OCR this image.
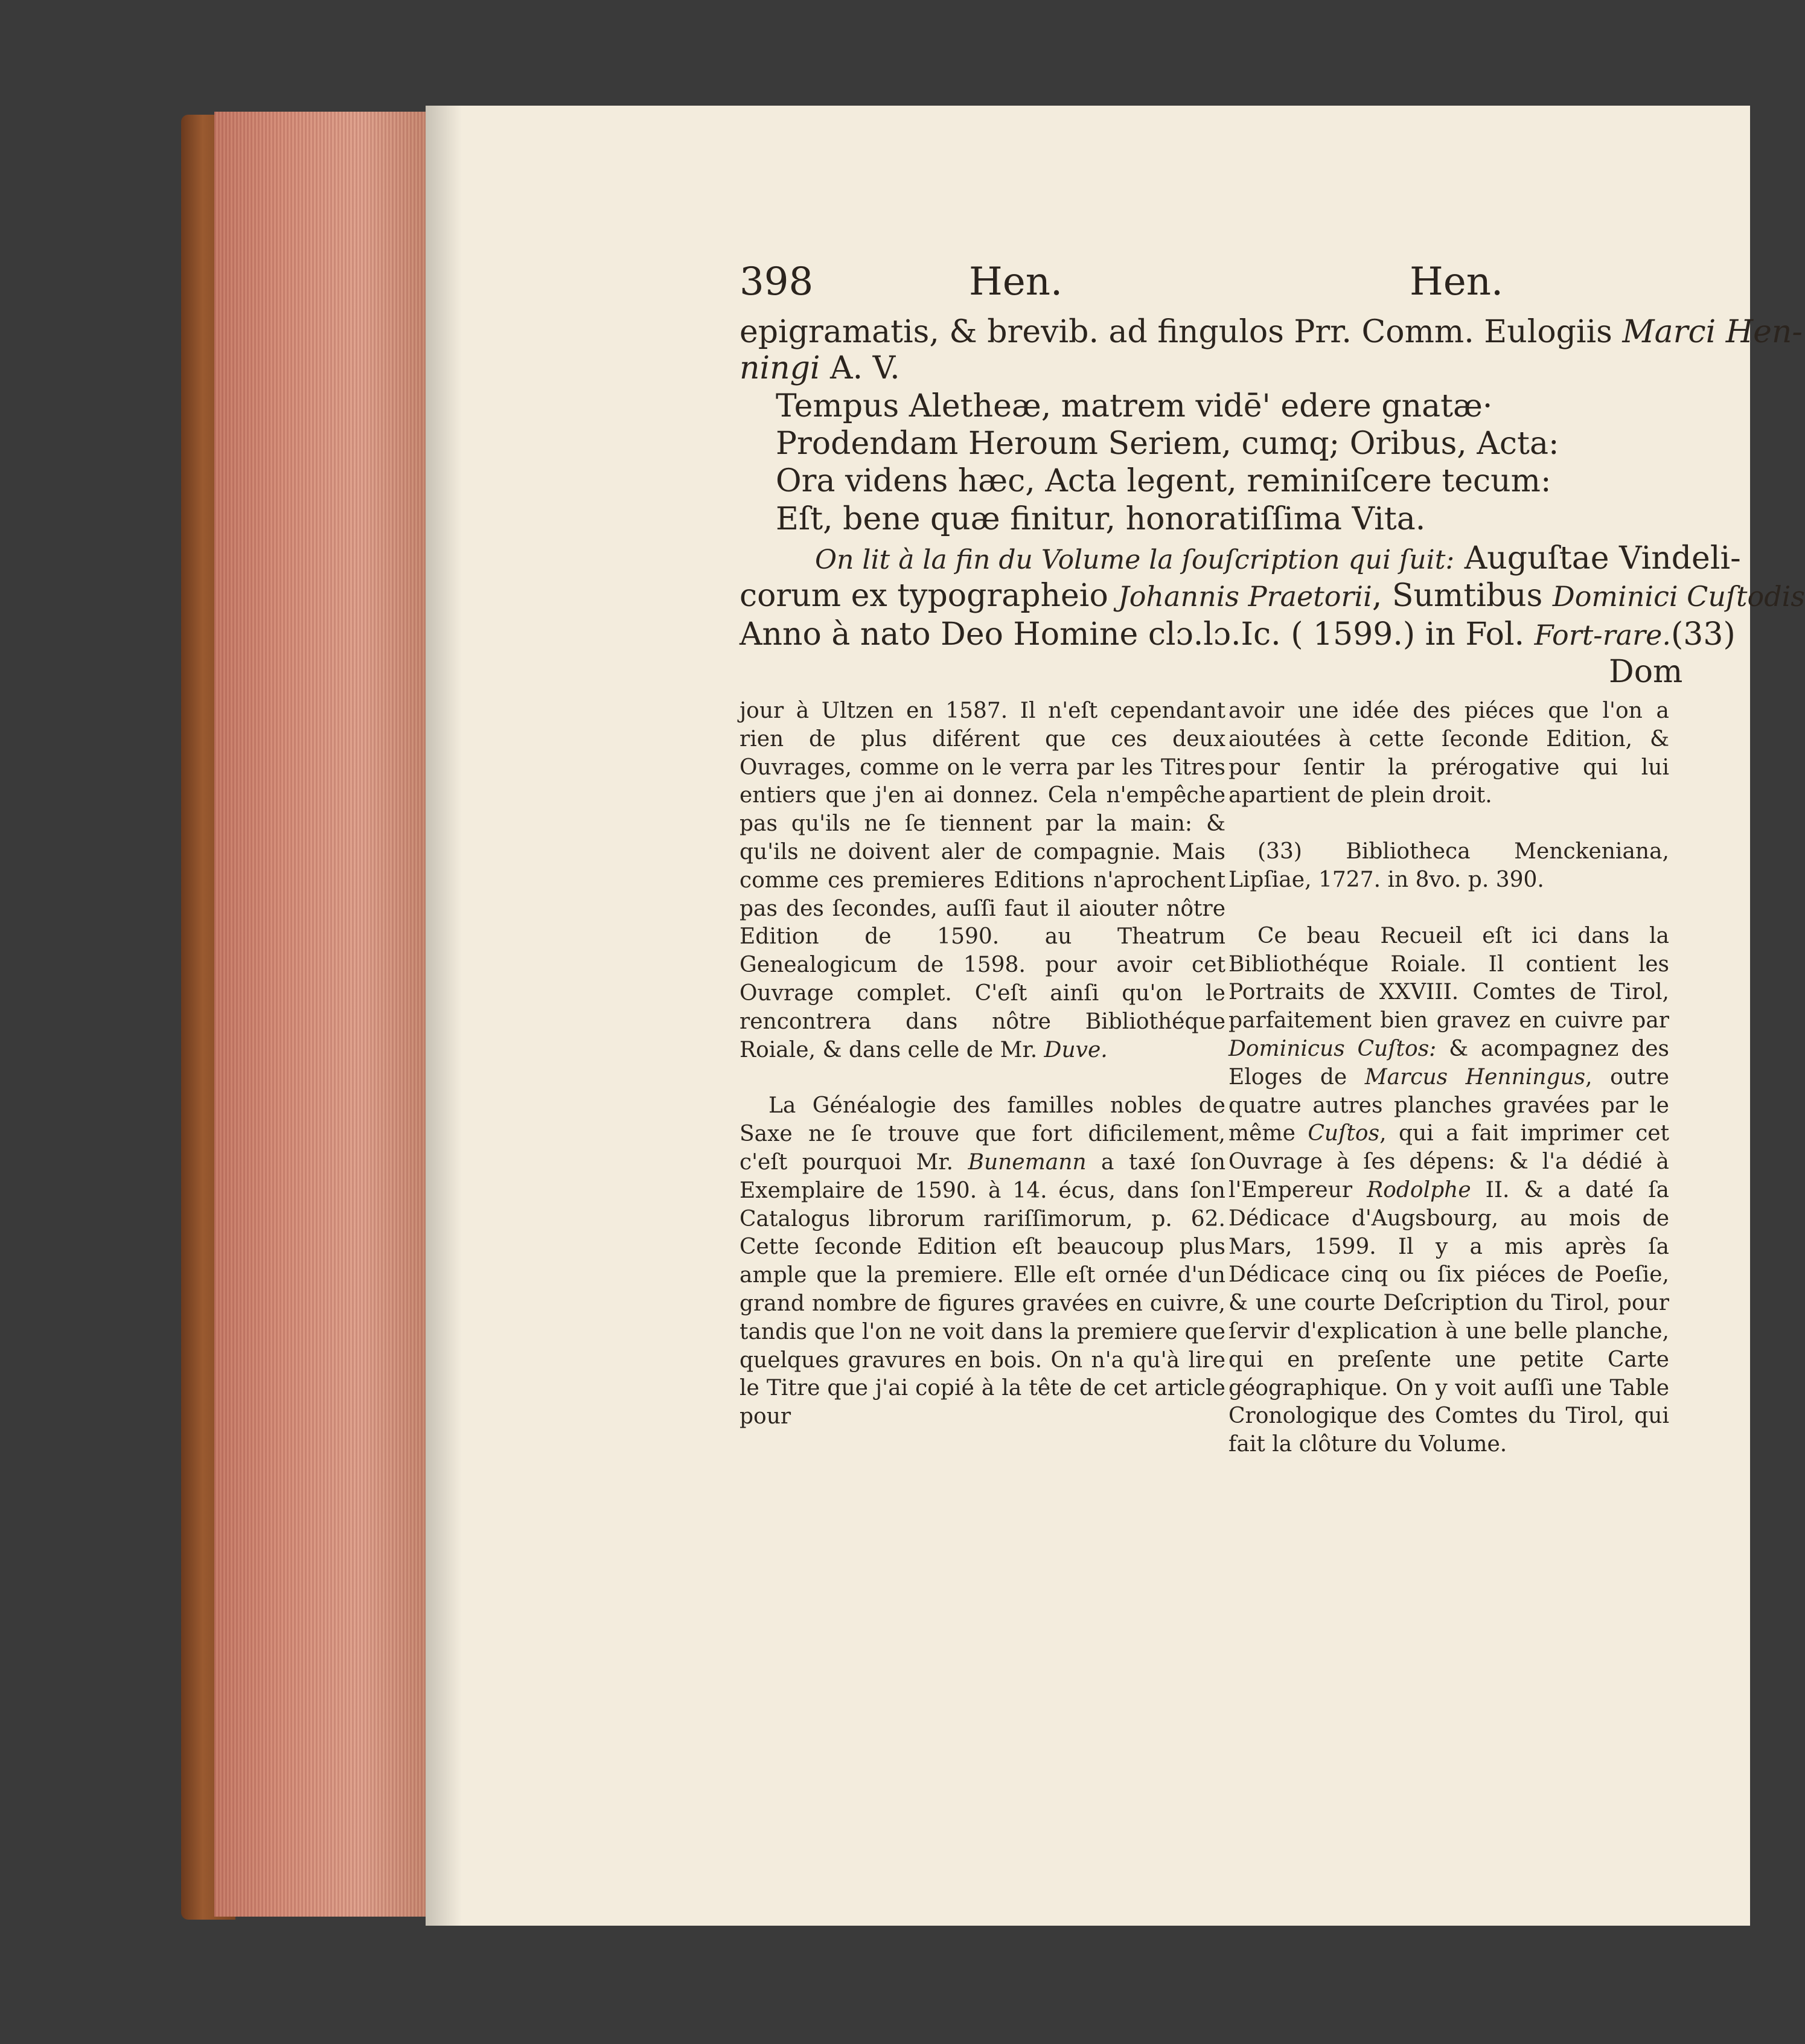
398	Hen.	Hen.
epigramatis, & brevib. ad fingulos Prr. Comm. Eulogiis Marci Hen-
ningi A. V.
Tempus Aletheæ, matrem vidē' edere gnatæ·
Prodendam Heroum Seriem, cumq; Oribus, Acta:
Ora videns hæc, Acta legent, reminiſcere tecum:
Eſt, bene quæ finitur, honoratiſſima Vita.
On lit à la fin du Volume la ſouſcription qui ſuit: Auguſtae Vindeli-
corum ex typographeio Johannis Praetorii, Sumtibus Dominici Cuſtodis
Anno à nato Deo Homine clɔ.lɔ.Ic. ( 1599.) in Fol. Fort-rare.(33)
Dom

jour à Ultzen en 1587. Il n'eſt cependant rien de plus diférent que ces deux Ouvrages, comme on le verra par les Titres entiers que j'en ai donnez. Cela n'empêche pas qu'ils ne ſe tiennent par la main: & qu'ils ne doivent aler de compagnie. Mais comme ces premieres Editions n'aprochent pas des ſecondes, auſſi faut il aiouter nôtre Edition de 1590. au Theatrum Genealogicum de 1598. pour avoir cet Ouvrage complet. C'eſt ainſi qu'on le rencontrera dans nôtre Bibliothéque Roiale, & dans celle de Mr. Duve.

La Généalogie des familles nobles de Saxe ne ſe trouve que fort dificilement, c'eſt pourquoi Mr. Bunemann a taxé ſon Exemplaire de 1590. à 14. écus, dans ſon Catalogus librorum rariſſimorum, p. 62. Cette ſeconde Edition eſt beaucoup plus ample que la premiere. Elle eſt ornée d'un grand nombre de figures gravées en cuivre, tandis que l'on ne voit dans la premiere que quelques gravures en bois. On n'a qu'à lire le Titre que j'ai copié à la tête de cet article pour

avoir une idée des piéces que l'on a aioutées à cette ſeconde Edition, & pour ſentir la prérogative qui lui apartient de plein droit.

(33) Bibliotheca Menckeniana, Lipſiae, 1727. in 8vo. p. 390.

Ce beau Recueil eſt ici dans la Bibliothéque Roiale. Il contient les Portraits de XXVIII. Comtes de Tirol, parfaitement bien gravez en cuivre par Dominicus Cuſtos: & acompagnez des Eloges de Marcus Henningus, outre quatre autres planches gravées par le même Cuſtos, qui a fait imprimer cet Ouvrage à ſes dépens: & l'a dédié à l'Empereur Rodolphe II. & a daté ſa Dédicace d'Augsbourg, au mois de Mars, 1599. Il y a mis après ſa Dédicace cinq ou ſix piéces de Poeſie, & une courte Deſcription du Tirol, pour ſervir d'explication à une belle planche, qui en preſente une petite Carte géographique. On y voit auſſi une Table Cronologique des Comtes du Tirol, qui fait la clôture du Volume.
